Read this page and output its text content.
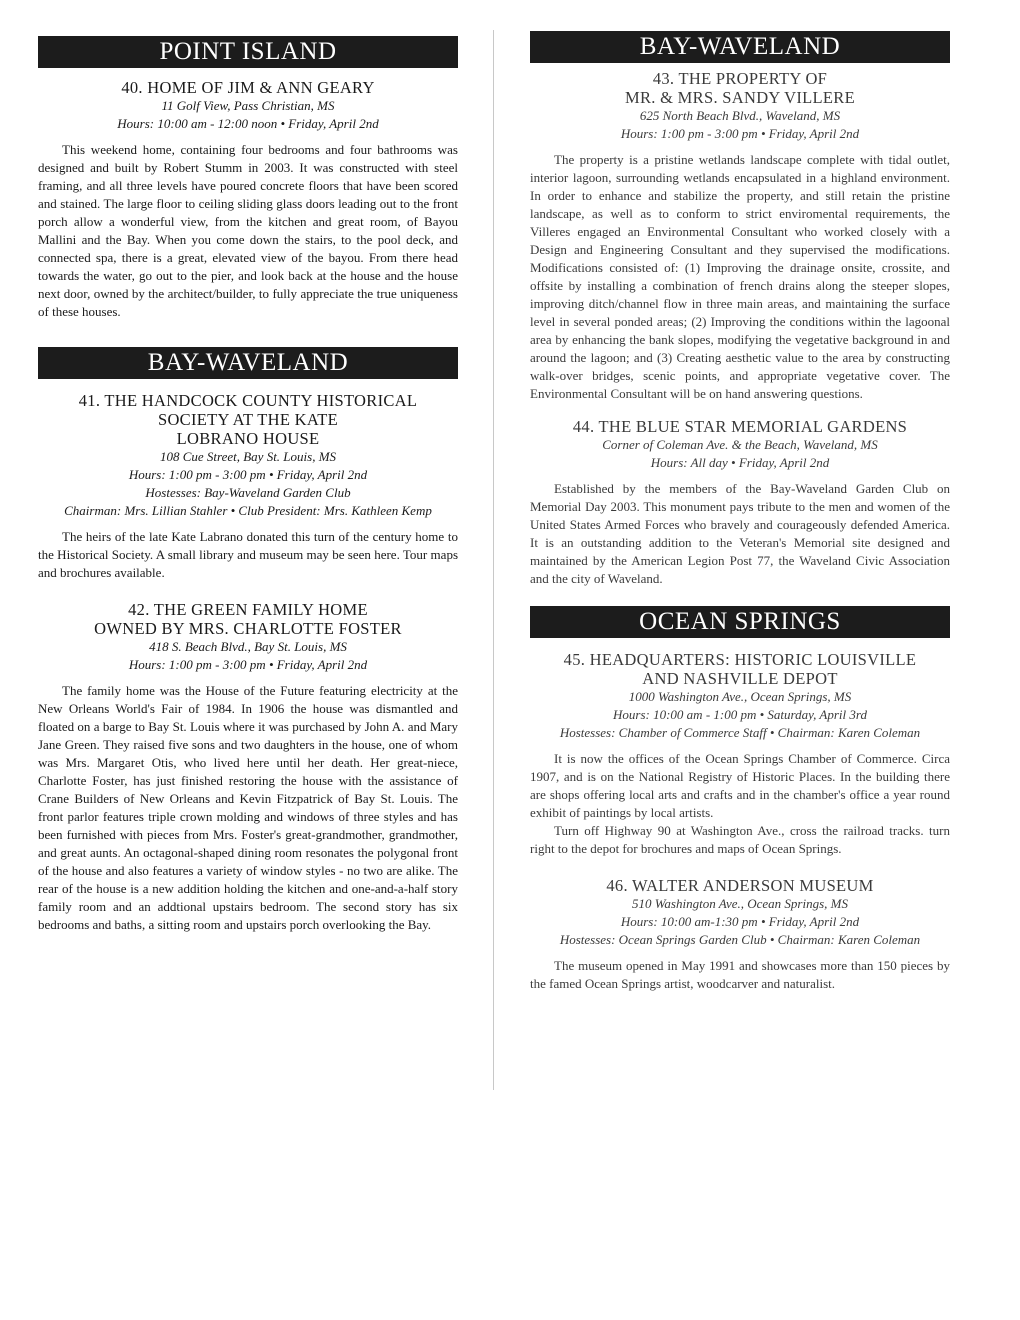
POINT ISLAND
40. HOME OF JIM & ANN GEARY
11 Golf View, Pass Christian, MS
Hours: 10:00 am - 12:00 noon • Friday, April 2nd

This weekend home, containing four bedrooms and four bathrooms was designed and built by Robert Stumm in 2003. It was constructed with steel framing, and all three levels have poured concrete floors that have been scored and stained. The large floor to ceiling sliding glass doors leading out to the front porch allow a wonderful view, from the kitchen and great room, of Bayou Mallini and the Bay. When you come down the stairs, to the pool deck, and connected spa, there is a great, elevated view of the bayou. From there head towards the water, go out to the pier, and look back at the house and the house next door, owned by the architect/builder, to fully appreciate the true uniqueness of these houses.

BAY-WAVELAND
41. THE HANDCOCK COUNTY HISTORICAL
SOCIETY AT THE KATE
LOBRANO HOUSE
108 Cue Street, Bay St. Louis, MS
Hours: 1:00 pm - 3:00 pm • Friday, April 2nd
Hostesses: Bay-Waveland Garden Club
Chairman: Mrs. Lillian Stahler • Club President: Mrs. Kathleen Kemp

The heirs of the late Kate Labrano donated this turn of the century home to the Historical Society. A small library and museum may be seen here. Tour maps and brochures available.

42. THE GREEN FAMILY HOME
OWNED BY MRS. CHARLOTTE FOSTER
418 S. Beach Blvd., Bay St. Louis, MS
Hours: 1:00 pm - 3:00 pm • Friday, April 2nd

The family home was the House of the Future featuring electricity at the New Orleans World's Fair of 1984. In 1906 the house was dismantled and floated on a barge to Bay St. Louis where it was purchased by John A. and Mary Jane Green. They raised five sons and two daughters in the house, one of whom was Mrs. Margaret Otis, who lived here until her death. Her great-niece, Charlotte Foster, has just finished restoring the house with the assistance of Crane Builders of New Orleans and Kevin Fitzpatrick of Bay St. Louis. The front parlor features triple crown molding and windows of three styles and has been furnished with pieces from Mrs. Foster's great-grandmother, grandmother, and great aunts. An octagonal-shaped dining room resonates the polygonal front of the house and also features a variety of window styles - no two are alike. The rear of the house is a new addition holding the kitchen and one-and-a-half story family room and an addtional upstairs bedroom. The second story has six bedrooms and baths, a sitting room and upstairs porch overlooking the Bay.

BAY-WAVELAND
43. THE PROPERTY OF
MR. & MRS. SANDY VILLERE
625 North Beach Blvd., Waveland, MS
Hours: 1:00 pm - 3:00 pm • Friday, April 2nd

The property is a pristine wetlands landscape complete with tidal outlet, interior lagoon, surrounding wetlands encapsulated in a highland environment. In order to enhance and stabilize the property, and still retain the pristine landscape, as well as to conform to strict enviromental requirements, the Villeres engaged an Environmental Consultant who worked closely with a Design and Engineering Consultant and they supervised the modifications. Modifications consisted of: (1) Improving the drainage onsite, crossite, and offsite by installing a combination of french drains along the steeper slopes, improving ditch/channel flow in three main areas, and maintaining the surface level in several ponded areas; (2) Improving the conditions within the lagoonal area by enhancing the bank slopes, modifying the vegetative background in and around the lagoon; and (3) Creating aesthetic value to the area by constructing walk-over bridges, scenic points, and appropriate vegetative cover. The Environmental Consultant will be on hand answering questions.

44. THE BLUE STAR MEMORIAL GARDENS
Corner of Coleman Ave. & the Beach, Waveland, MS
Hours: All day • Friday, April 2nd

Established by the members of the Bay-Waveland Garden Club on Memorial Day 2003. This monument pays tribute to the men and women of the United States Armed Forces who bravely and courageously defended America. It is an outstanding addition to the Veteran's Memorial site designed and maintained by the American Legion Post 77, the Waveland Civic Association and the city of Waveland.

OCEAN SPRINGS
45. HEADQUARTERS: HISTORIC LOUISVILLE
AND NASHVILLE DEPOT
1000 Washington Ave., Ocean Springs, MS
Hours: 10:00 am - 1:00 pm • Saturday, April 3rd
Hostesses: Chamber of Commerce Staff • Chairman: Karen Coleman

It is now the offices of the Ocean Springs Chamber of Commerce. Circa 1907, and is on the National Registry of Historic Places. In the building there are shops offering local arts and crafts and in the chamber's office a year round exhibit of paintings by local artists.

Turn off Highway 90 at Washington Ave., cross the railroad tracks. turn right to the depot for brochures and maps of Ocean Springs.

46. WALTER ANDERSON MUSEUM
510 Washington Ave., Ocean Springs, MS
Hours: 10:00 am-1:30 pm • Friday, April 2nd
Hostesses: Ocean Springs Garden Club • Chairman: Karen Coleman

The museum opened in May 1991 and showcases more than 150 pieces by the famed Ocean Springs artist, woodcarver and naturalist.
